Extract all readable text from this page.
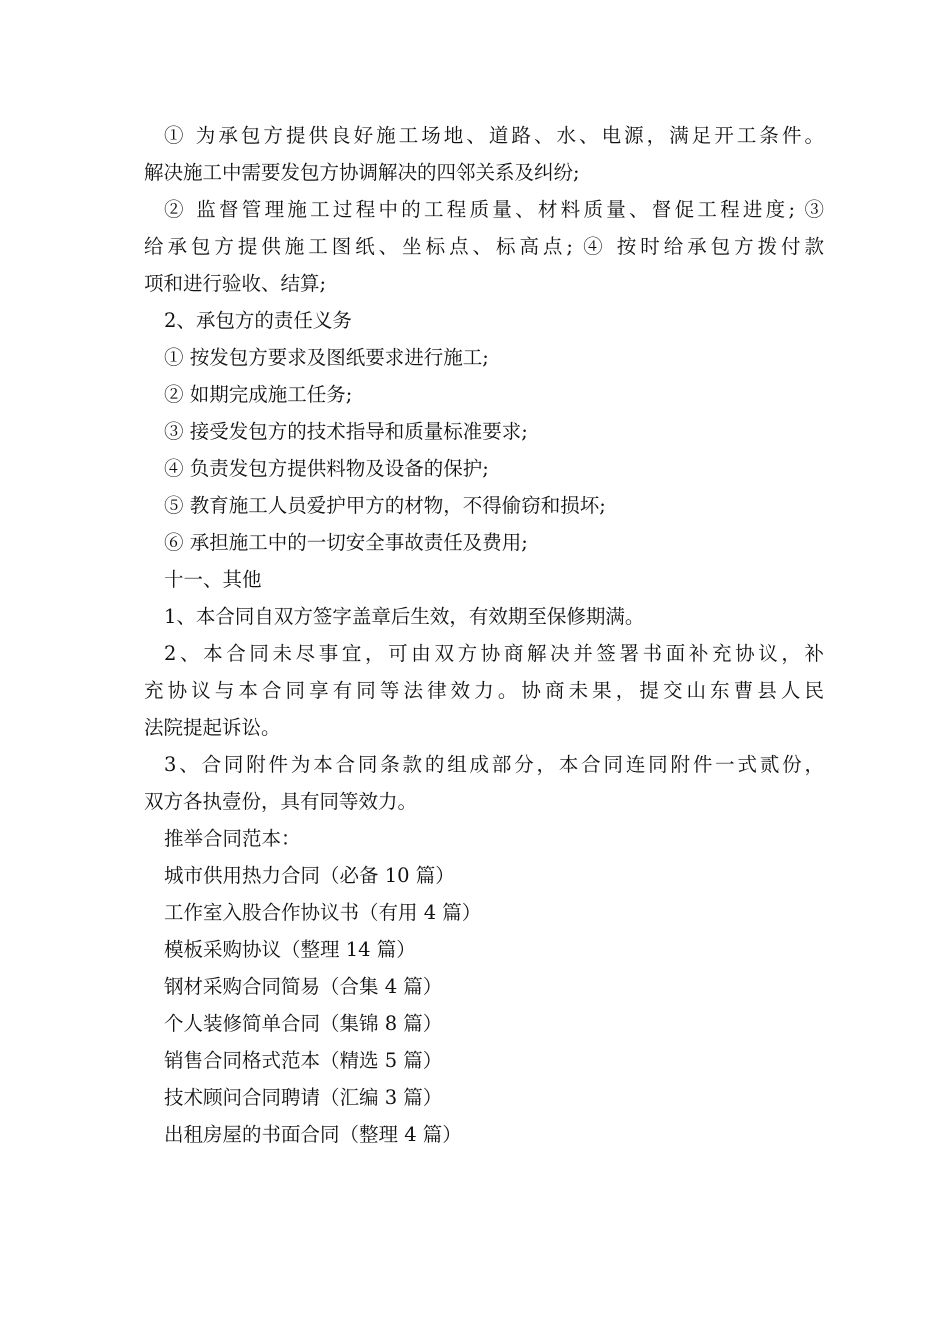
① 为承包方提供良好施工场地、道路、水、电源，满足开工条件。
解决施工中需要发包方协调解决的四邻关系及纠纷;
② 监督管理施工过程中的工程质量、材料质量、督促工程进度; ③
给承包方提供施工图纸、坐标点、标高点; ④ 按时给承包方拨付款
项和进行验收、结算;
2、承包方的责任义务
① 按发包方要求及图纸要求进行施工;
② 如期完成施工任务;
③ 接受发包方的技术指导和质量标准要求;
④ 负责发包方提供料物及设备的保护;
⑤ 教育施工人员爱护甲方的材物，不得偷窃和损坏;
⑥ 承担施工中的一切安全事故责任及费用;
十一、其他
1、本合同自双方签字盖章后生效，有效期至保修期满。
2、本合同未尽事宜，可由双方协商解决并签署书面补充协议，补
充协议与本合同享有同等法律效力。协商未果，提交山东曹县人民
法院提起诉讼。
3、合同附件为本合同条款的组成部分，本合同连同附件一式贰份，
双方各执壹份，具有同等效力。
推举合同范本：
城市供用热力合同（必备 10 篇）
工作室入股合作协议书（有用 4 篇）
模板采购协议（整理 14 篇）
钢材采购合同简易（合集 4 篇）
个人装修简单合同（集锦 8 篇）
销售合同格式范本（精选 5 篇）
技术顾问合同聘请（汇编 3 篇）
出租房屋的书面合同（整理 4 篇）
